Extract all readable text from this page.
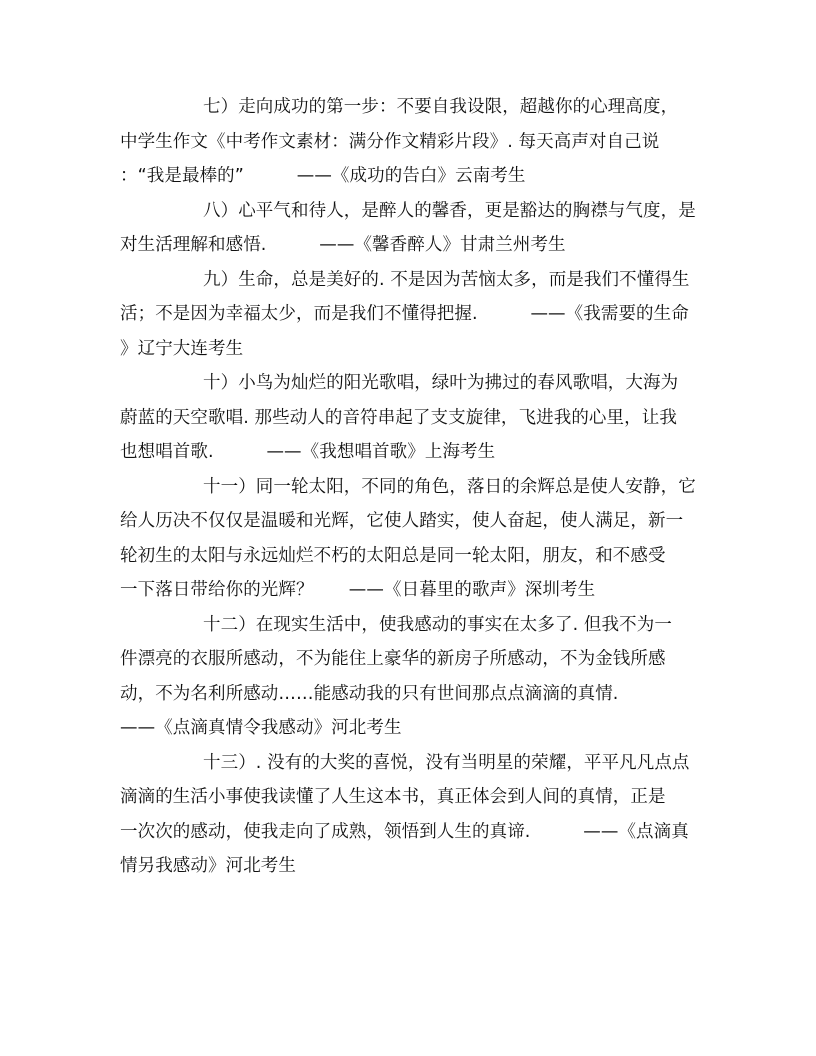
七）走向成功的第一步：不要自我设限，超越你的心理高度，
中学生作文《中考作文素材：满分作文精彩片段》. 每天高声对自己说
：“我是最棒的”　　　——《成功的告白》云南考生

八）心平气和待人，是醉人的馨香，更是豁达的胸襟与气度，是
对生活理解和感悟.　　　——《馨香醉人》甘肃兰州考生

九）生命，总是美好的. 不是因为苦恼太多，而是我们不懂得生
活；不是因为幸福太少，而是我们不懂得把握.　　　——《我需要的生命
》辽宁大连考生

十）小鸟为灿烂的阳光歌唱，绿叶为拂过的春风歌唱，大海为
蔚蓝的天空歌唱. 那些动人的音符串起了支支旋律，飞进我的心里，让我
也想唱首歌.　　　——《我想唱首歌》上海考生

十一）同一轮太阳，不同的角色，落日的余辉总是使人安静，它
给人历决不仅仅是温暖和光辉，它使人踏实，使人奋起，使人满足，新一
轮初生的太阳与永远灿烂不朽的太阳总是同一轮太阳，朋友，和不感受
一下落日带给你的光辉？　　——《日暮里的歌声》深圳考生

十二）在现实生活中，使我感动的事实在太多了. 但我不为一
件漂亮的衣服所感动，不为能住上豪华的新房子所感动，不为金钱所感
动，不为名利所感动……能感动我的只有世间那点点滴滴的真情.
——《点滴真情令我感动》河北考生

十三）. 没有的大奖的喜悦，没有当明星的荣耀，平平凡凡点点
滴滴的生活小事使我读懂了人生这本书，真正体会到人间的真情，正是
一次次的感动，使我走向了成熟，领悟到人生的真谛.　　　——《点滴真
情另我感动》河北考生
